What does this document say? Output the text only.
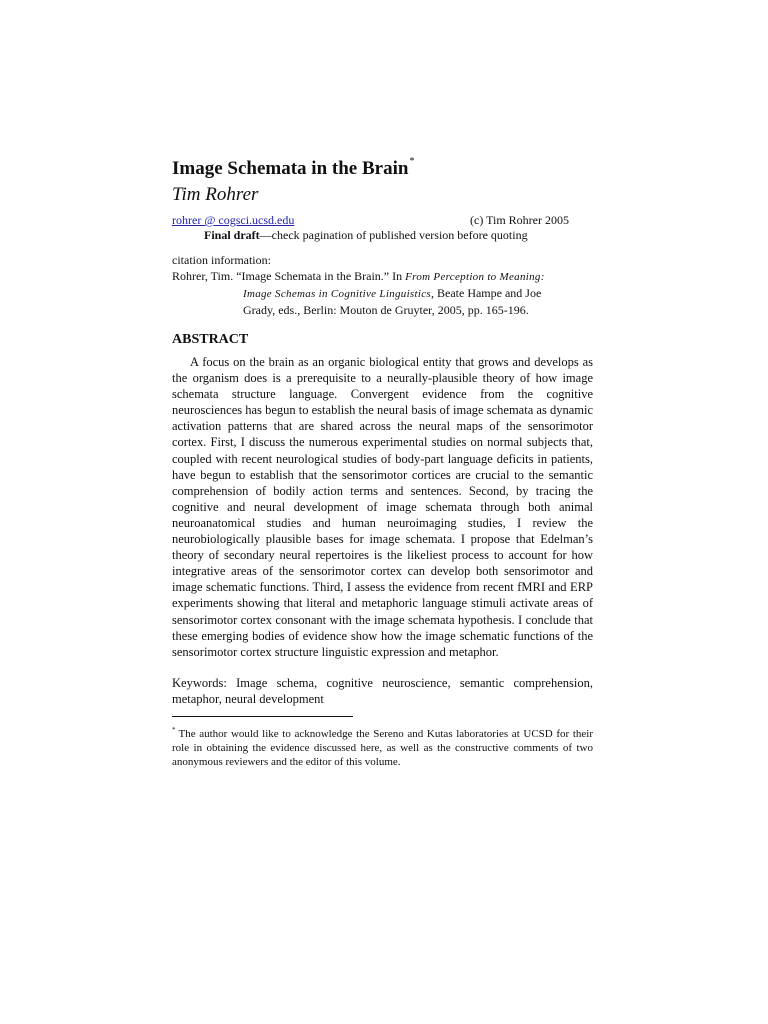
Image Schemata in the Brain*
Tim Rohrer
rohrer @ cogsci.ucsd.edu	(c) Tim Rohrer 2005
Final draft—check pagination of published version before quoting
citation information:
Rohrer, Tim. “Image Schemata in the Brain.” In From Perception to Meaning:
Image Schemas in Cognitive Linguistics, Beate Hampe and Joe
Grady, eds., Berlin: Mouton de Gruyter, 2005, pp. 165-196.
ABSTRACT

A focus on the brain as an organic biological entity that grows and develops as the organism does is a prerequisite to a neurally-plausible theory of how image schemata structure language. Convergent evidence from the cognitive neurosciences has begun to establish the neural basis of image schemata as dynamic activation patterns that are shared across the neural maps of the sensorimotor cortex. First, I discuss the numerous experimental studies on normal subjects that, coupled with recent neurological studies of body-part language deficits in patients, have begun to establish that the sensorimotor cortices are crucial to the semantic comprehension of bodily action terms and sentences. Second, by tracing the cognitive and neural development of image schemata through both animal neuroanatomical studies and human neuroimaging studies, I review the neurobiologically plausible bases for image schemata. I propose that Edelman’s theory of secondary neural repertoires is the likeliest process to account for how integrative areas of the sensorimotor cortex can develop both sensorimotor and image schematic functions. Third, I assess the evidence from recent fMRI and ERP experiments showing that literal and metaphoric language stimuli activate areas of sensorimotor cortex consonant with the image schemata hypothesis. I conclude that these emerging bodies of evidence show how the image schematic functions of the sensorimotor cortex structure linguistic expression and metaphor.

Keywords: Image schema, cognitive neuroscience, semantic comprehension, metaphor, neural development

* The author would like to acknowledge the Sereno and Kutas laboratories at UCSD for their role in obtaining the evidence discussed here, as well as the constructive comments of two anonymous reviewers and the editor of this volume.
